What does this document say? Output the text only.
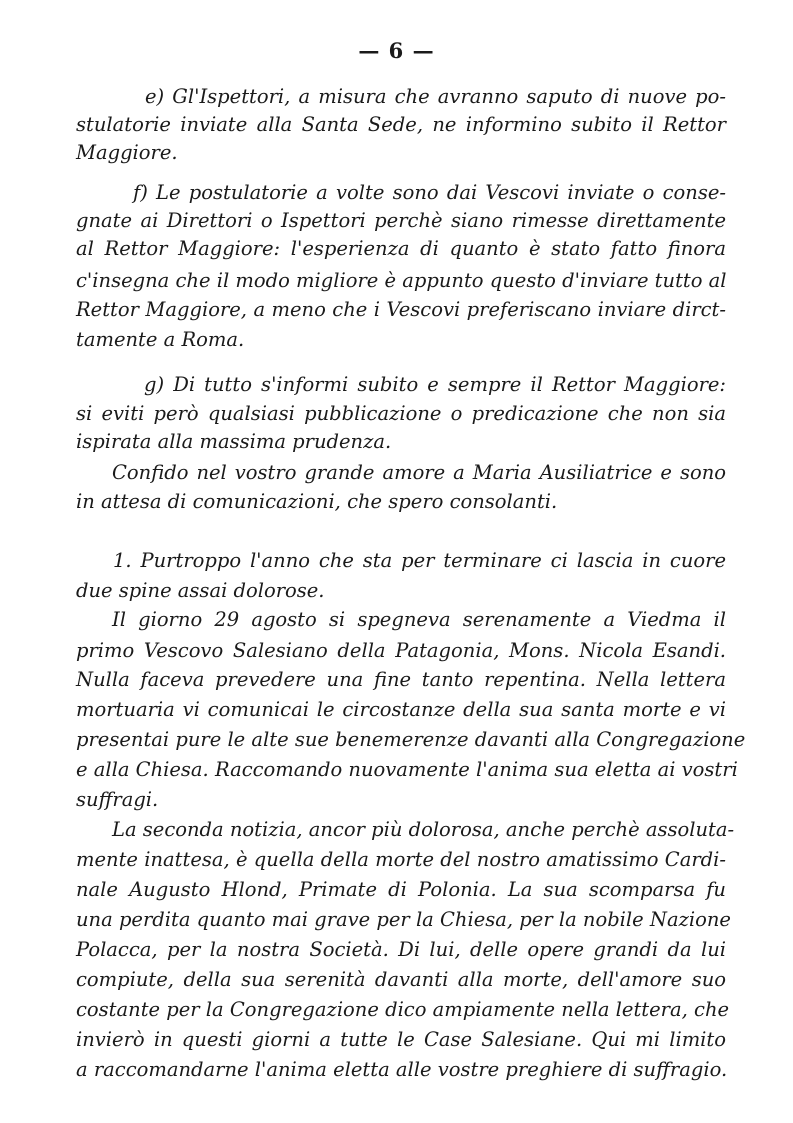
— 6 —
e) Gl'Ispettori, a misura che avranno saputo di nuove po-
stulatorie inviate alla Santa Sede, ne informino subito il Rettor
Maggiore.
f) Le postulatorie a volte sono dai Vescovi inviate o conse-
gnate ai Direttori o Ispettori perchè siano rimesse direttamente
al Rettor Maggiore: l'esperienza di quanto è stato fatto finora
c'insegna che il modo migliore è appunto questo d'inviare tutto al
Rettor Maggiore, a meno che i Vescovi preferiscano inviare dirct-
tamente a Roma.
g) Di tutto s'informi subito e sempre il Rettor Maggiore:
si eviti però qualsiasi pubblicazione o predicazione che non sia
ispirata alla massima prudenza.
Confido nel vostro grande amore a Maria Ausiliatrice e sono
in attesa di comunicazioni, che spero consolanti.
1. Purtroppo l'anno che sta per terminare ci lascia in cuore
due spine assai dolorose.
Il giorno 29 agosto si spegneva serenamente a Viedma il
primo Vescovo Salesiano della Patagonia, Mons. Nicola Esandi.
Nulla faceva prevedere una fine tanto repentina. Nella lettera
mortuaria vi comunicai le circostanze della sua santa morte e vi
presentai pure le alte sue benemerenze davanti alla Congregazione
e alla Chiesa. Raccomando nuovamente l'anima sua eletta ai vostri
suffragi.
La seconda notizia, ancor più dolorosa, anche perchè assoluta-
mente inattesa, è quella della morte del nostro amatissimo Cardi-
nale Augusto Hlond, Primate di Polonia. La sua scomparsa fu
una perdita quanto mai grave per la Chiesa, per la nobile Nazione
Polacca, per la nostra Società. Di lui, delle opere grandi da lui
compiute, della sua serenità davanti alla morte, dell'amore suo
costante per la Congregazione dico ampiamente nella lettera, che
invierò in questi giorni a tutte le Case Salesiane. Qui mi limito
a raccomandarne l'anima eletta alle vostre preghiere di suffragio.
